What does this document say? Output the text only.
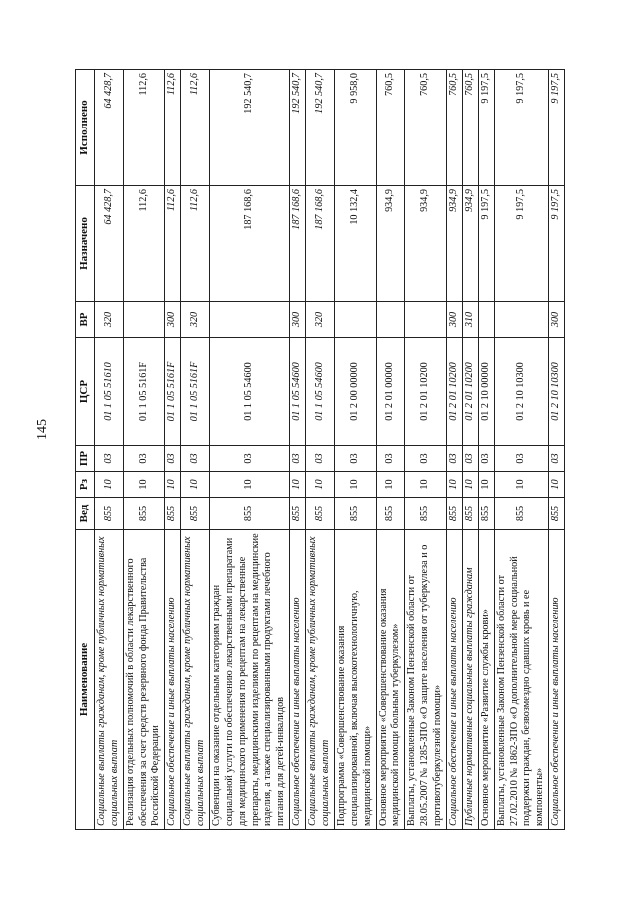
145
Наименование	Вед	Рз	ПР	ЦСР	ВР	Назначено	Исполнено
Социальные выплаты гражданам, кроме публичных нормативных социальных выплат	855	10	03	01 1 05 51610	320	64 428,7	64 428,7
Реализация отдельных полномочий в области лекарственного обеспечения за счет средств резервного фонда Правительства Российской Федерации	855	10	03	01 1 05 5161F		112,6	112,6
Социальное обеспечение и иные выплаты населению	855	10	03	01 1 05 5161F	300	112,6	112,6
Социальные выплаты гражданам, кроме публичных нормативных социальных выплат	855	10	03	01 1 05 5161F	320	112,6	112,6
Субвенции на оказание отдельным категориям граждан социальной услуги по обеспечению лекарственными препаратами для медицинского применения по рецептам на лекарственные препараты, медицинскими изделиями по рецептам на медицинские изделия, а также специализированными продуктами лечебного питания для детей-инвалидов	855	10	03	01 1 05 54600		187 168,6	192 540,7
Социальное обеспечение и иные выплаты населению	855	10	03	01 1 05 54600	300	187 168,6	192 540,7
Социальные выплаты гражданам, кроме публичных нормативных социальных выплат	855	10	03	01 1 05 54600	320	187 168,6	192 540,7
Подпрограмма «Совершенствование оказания специализированной, включая высокотехнологичную, медицинской помощи»	855	10	03	01 2 00 00000		10 132,4	9 958,0
Основное мероприятие «Совершенствование оказания медицинской помощи больным туберкулезом»	855	10	03	01 2 01 00000		934,9	760,5
Выплаты, установленные Законом Пензенской области от 28.05.2007 № 1285-ЗПО «О защите населения от туберкулеза и о противотуберкулезной помощи»	855	10	03	01 2 01 10200		934,9	760,5
Социальное обеспечение и иные выплаты населению	855	10	03	01 2 01 10200	300	934,9	760,5
Публичные нормативные социальные выплаты гражданам	855	10	03	01 2 01 10200	310	934,9	760,5
Основное мероприятие «Развитие службы крови»	855	10	03	01 2 10 00000		9 197,5	9 197,5
Выплаты, установленные Законом Пензенской области от 27.02.2010 № 1862-ЗПО «О дополнительной мере социальной поддержки граждан, безвозмездно сдавших кровь и ее компоненты»	855	10	03	01 2 10 10300		9 197,5	9 197,5
Социальное обеспечение и иные выплаты населению	855	10	03	01 2 10 10300	300	9 197,5	9 197,5
